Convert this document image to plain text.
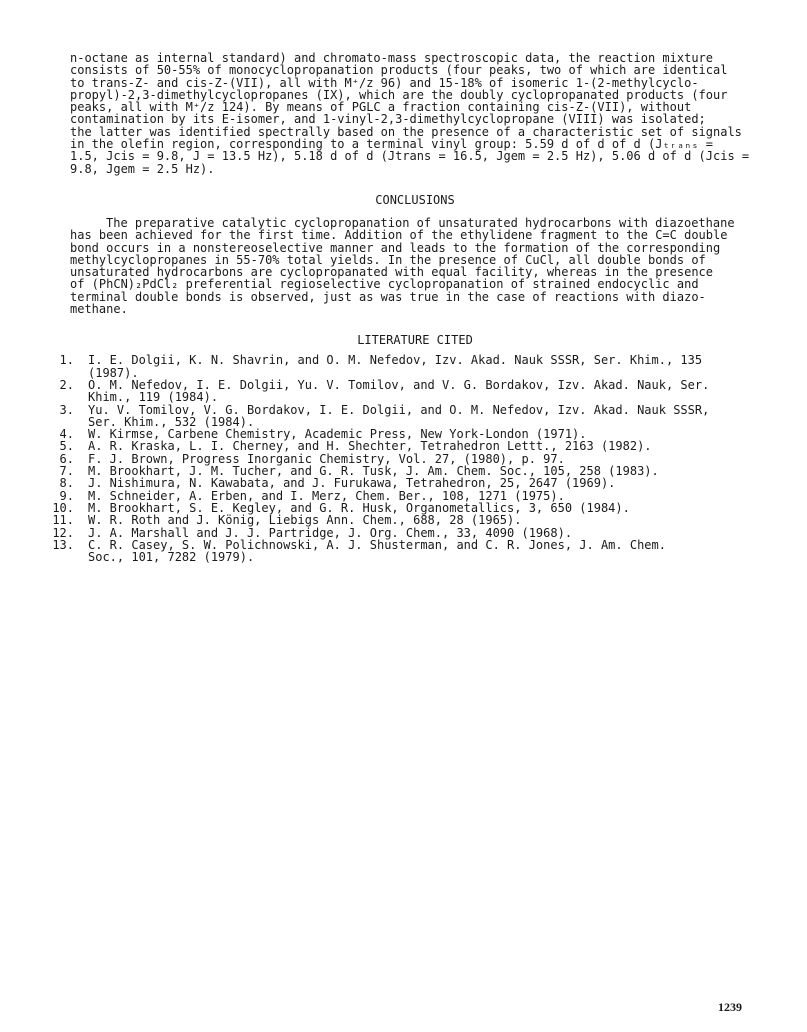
n-octane as internal standard) and chromato-mass spectroscopic data, the reaction mixture
consists of 50-55% of monocyclopropanation products (four peaks, two of which are identical
to trans-Z- and cis-Z-(VII), all with M⁺/z 96) and 15-18% of isomeric 1-(2-methylcyclo-
propyl)-2,3-dimethylcyclopropanes (IX), which are the doubly cyclopropanated products (four
peaks, all with M⁺/z 124). By means of PGLC a fraction containing cis-Z-(VII), without
contamination by its E-isomer, and 1-vinyl-2,3-dimethylcyclopropane (VIII) was isolated;
the latter was identified spectrally based on the presence of a characteristic set of signals
in the olefin region, corresponding to a terminal vinyl group: 5.59 d of d of d (Jₜᵣₐₙₛ =
1.5, Jcis = 9.8, J = 13.5 Hz), 5.18 d of d (Jtrans = 16.5, Jgem = 2.5 Hz), 5.06 d of d (Jcis =
9.8, Jgem = 2.5 Hz).

CONCLUSIONS

The preparative catalytic cyclopropanation of unsaturated hydrocarbons with diazoethane
has been achieved for the first time. Addition of the ethylidene fragment to the C=C double
bond occurs in a nonstereoselective manner and leads to the formation of the corresponding
methylcyclopropanes in 55-70% total yields. In the presence of CuCl, all double bonds of
unsaturated hydrocarbons are cyclopropanated with equal facility, whereas in the presence
of (PhCN)₂PdCl₂ preferential regioselective cyclopropanation of strained endocyclic and
terminal double bonds is observed, just as was true in the case of reactions with diazo-
methane.

LITERATURE CITED

1. I. E. Dolgii, K. N. Shavrin, and O. M. Nefedov, Izv. Akad. Nauk SSSR, Ser. Khim., 135
(1987).
2. O. M. Nefedov, I. E. Dolgii, Yu. V. Tomilov, and V. G. Bordakov, Izv. Akad. Nauk, Ser.
Khim., 119 (1984).
3. Yu. V. Tomilov, V. G. Bordakov, I. E. Dolgii, and O. M. Nefedov, Izv. Akad. Nauk SSSR,
Ser. Khim., 532 (1984).
4. W. Kirmse, Carbene Chemistry, Academic Press, New York-London (1971).
5. A. R. Kraska, L. I. Cherney, and H. Shechter, Tetrahedron Lettt., 2163 (1982).
6. F. J. Brown, Progress Inorganic Chemistry, Vol. 27, (1980), p. 97.
7. M. Brookhart, J. M. Tucher, and G. R. Tusk, J. Am. Chem. Soc., 105, 258 (1983).
8. J. Nishimura, N. Kawabata, and J. Furukawa, Tetrahedron, 25, 2647 (1969).
9. M. Schneider, A. Erben, and I. Merz, Chem. Ber., 108, 1271 (1975).
10. M. Brookhart, S. E. Kegley, and G. R. Husk, Organometallics, 3, 650 (1984).
11. W. R. Roth and J. König, Liebigs Ann. Chem., 688, 28 (1965).
12. J. A. Marshall and J. J. Partridge, J. Org. Chem., 33, 4090 (1968).
13. C. R. Casey, S. W. Polichnowski, A. J. Shusterman, and C. R. Jones, J. Am. Chem.
Soc., 101, 7282 (1979).
1239
